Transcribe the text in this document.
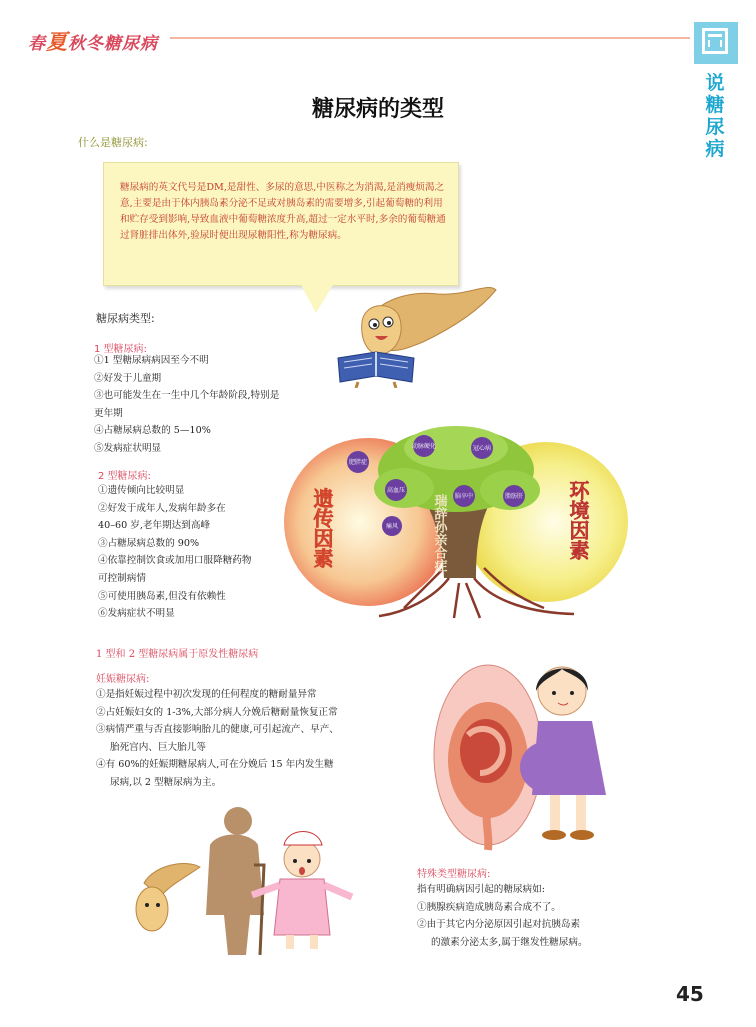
春夏秋冬糖尿病
说糖尿病
糖尿病的类型
什么是糖尿病:
糖尿病的英文代号是DM,是甜性、多尿的意思,中医称之为消渴,是消瘦烦渴之意,主要是由于体内胰岛素分泌不足或对胰岛素的需要增多,引起葡萄糖的利用和贮存受到影响,导致血液中葡萄糖浓度升高,超过一定水平时,多余的葡萄糖通过肾脏排出体外,验尿时便出现尿糖阳性,称为糖尿病。
糖尿病类型:
1 型糖尿病:
①1 型糖尿病病因至今不明
②好发于儿童期
③也可能发生在一生中几个年龄阶段,特别是
更年期
④占糖尿病总数的 5—10%
⑤发病症状明显
2 型糖尿病:
①遗传倾向比较明显
②好发于成年人,发病年龄多在
40–60 岁,老年期达到高峰
③占糖尿病总数的 90%
④依靠控制饮食或加用口服降糖药物
可控制病情
⑤可使用胰岛素,但没有依赖性
⑥发病症状不明显
肥胖症
动脉硬化	冠心病
高血压
脑卒中	脂肪肝
痛风
遗传因素	环境因素
瑞辞孙亲合症
1 型和 2 型糖尿病属于原发性糖尿病
妊娠糖尿病:
①是指妊娠过程中初次发现的任何程度的糖耐量异常
②占妊娠妇女的 1-3%,大部分病人分娩后糖耐量恢复正常
③病情严重与否直接影响胎儿的健康,可引起流产、早产、
胎死宫内、巨大胎儿等
④有 60%的妊娠期糖尿病人,可在分娩后 15 年内发生糖
尿病,以 2 型糖尿病为主。
特殊类型糖尿病:
指有明确病因引起的糖尿病如:
①胰腺疾病造成胰岛素合成不了。
②由于其它内分泌原因引起对抗胰岛素
的激素分泌太多,属于继发性糖尿病。
45
